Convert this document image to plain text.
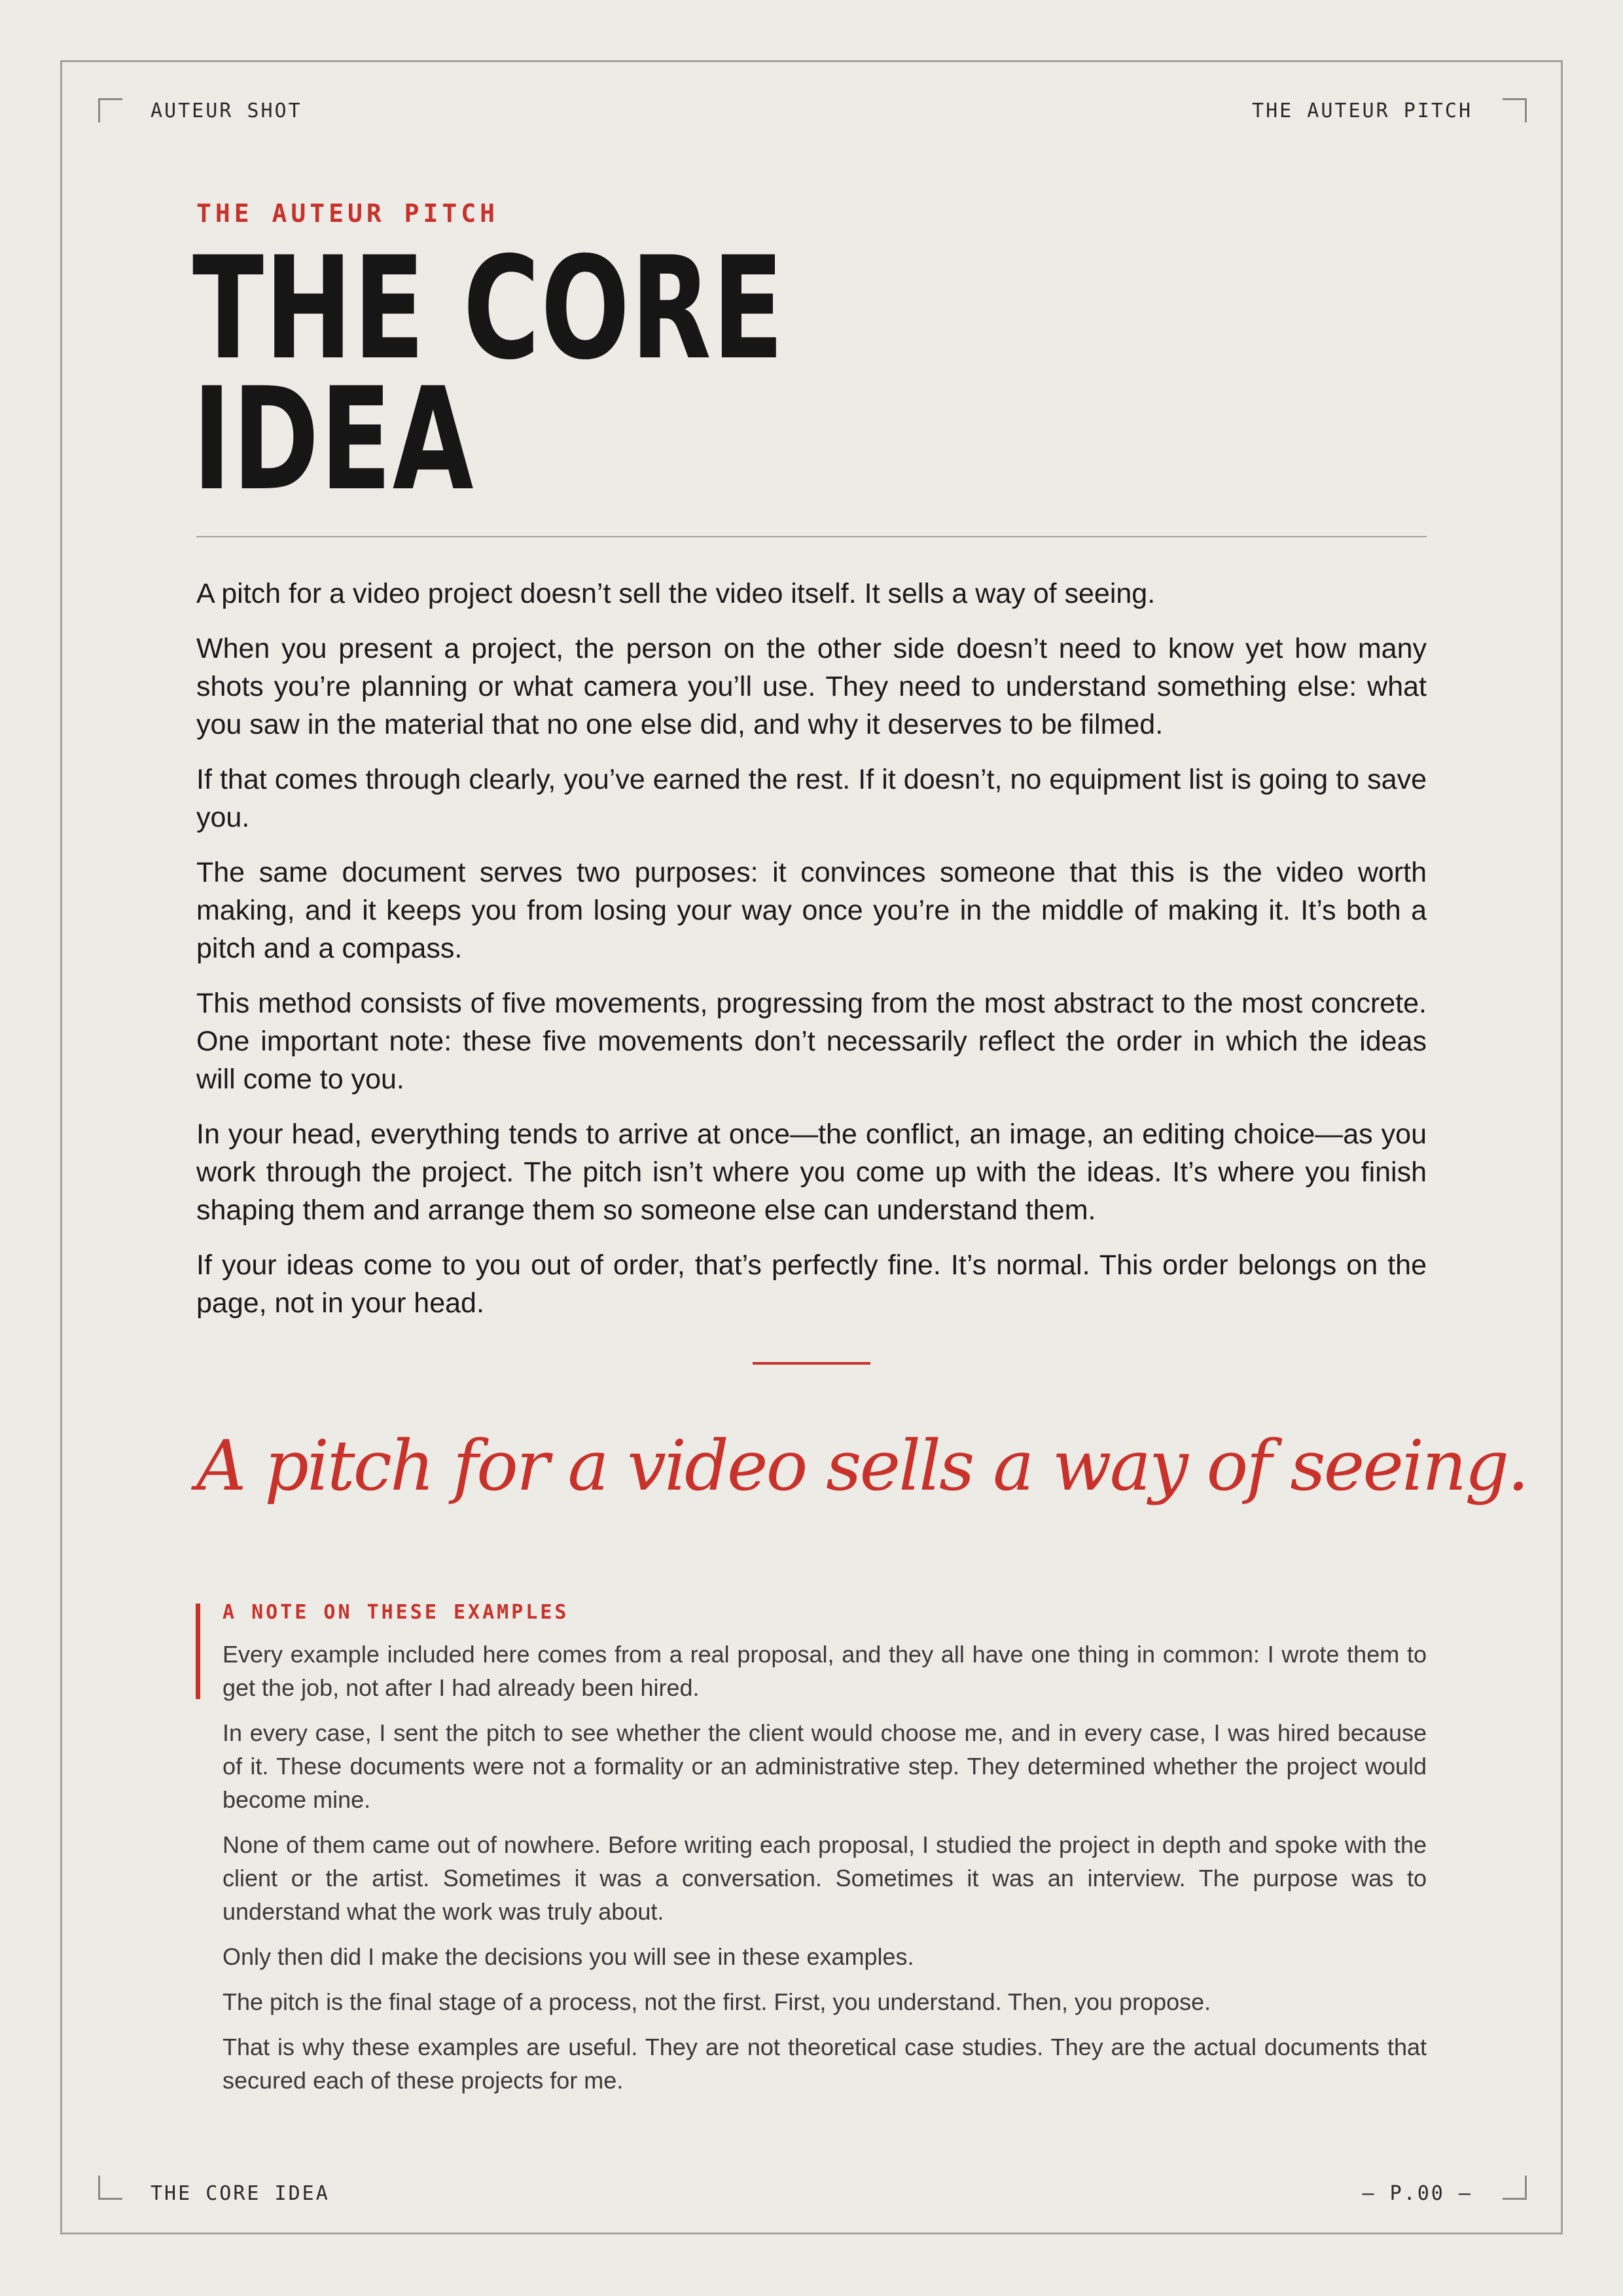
AUTEUR SHOT	THE AUTEUR PITCH
THE AUTEUR PITCH
THE CORE
IDEA

A pitch for a video project doesn’t sell the video itself. It sells a way of seeing.

When you present a project, the person on the other side doesn’t need to know yet how many shots you’re planning or what camera you’ll use. They need to understand something else: what you saw in the material that no one else did, and why it deserves to be filmed.

If that comes through clearly, you’ve earned the rest. If it doesn’t, no equipment list is going to save you.

The same document serves two purposes: it convinces someone that this is the video worth making, and it keeps you from losing your way once you’re in the middle of making it. It’s both a pitch and a compass.

This method consists of five movements, progressing from the most abstract to the most concrete. One important note: these five movements don’t necessarily reflect the order in which the ideas will come to you.

In your head, everything tends to arrive at once—the conflict, an image, an editing choice—as you work through the project. The pitch isn’t where you come up with the ideas. It’s where you finish shaping them and arrange them so someone else can understand them.

If your ideas come to you out of order, that’s perfectly fine. It’s normal. This order belongs on the page, not in your head.

A pitch for a video sells a way of seeing.
A NOTE ON THESE EXAMPLES

Every example included here comes from a real proposal, and they all have one thing in common: I wrote them to get the job, not after I had already been hired.

In every case, I sent the pitch to see whether the client would choose me, and in every case, I was hired because of it. These documents were not a formality or an administrative step. They determined whether the project would become mine.

None of them came out of nowhere. Before writing each proposal, I studied the project in depth and spoke with the client or the artist. Sometimes it was a conversation. Sometimes it was an interview. The purpose was to understand what the work was truly about.

Only then did I make the decisions you will see in these examples.

The pitch is the final stage of a process, not the first. First, you understand. Then, you propose.

That is why these examples are useful. They are not theoretical case studies. They are the actual documents that secured each of these projects for me.

THE CORE IDEA	— P.00 —
